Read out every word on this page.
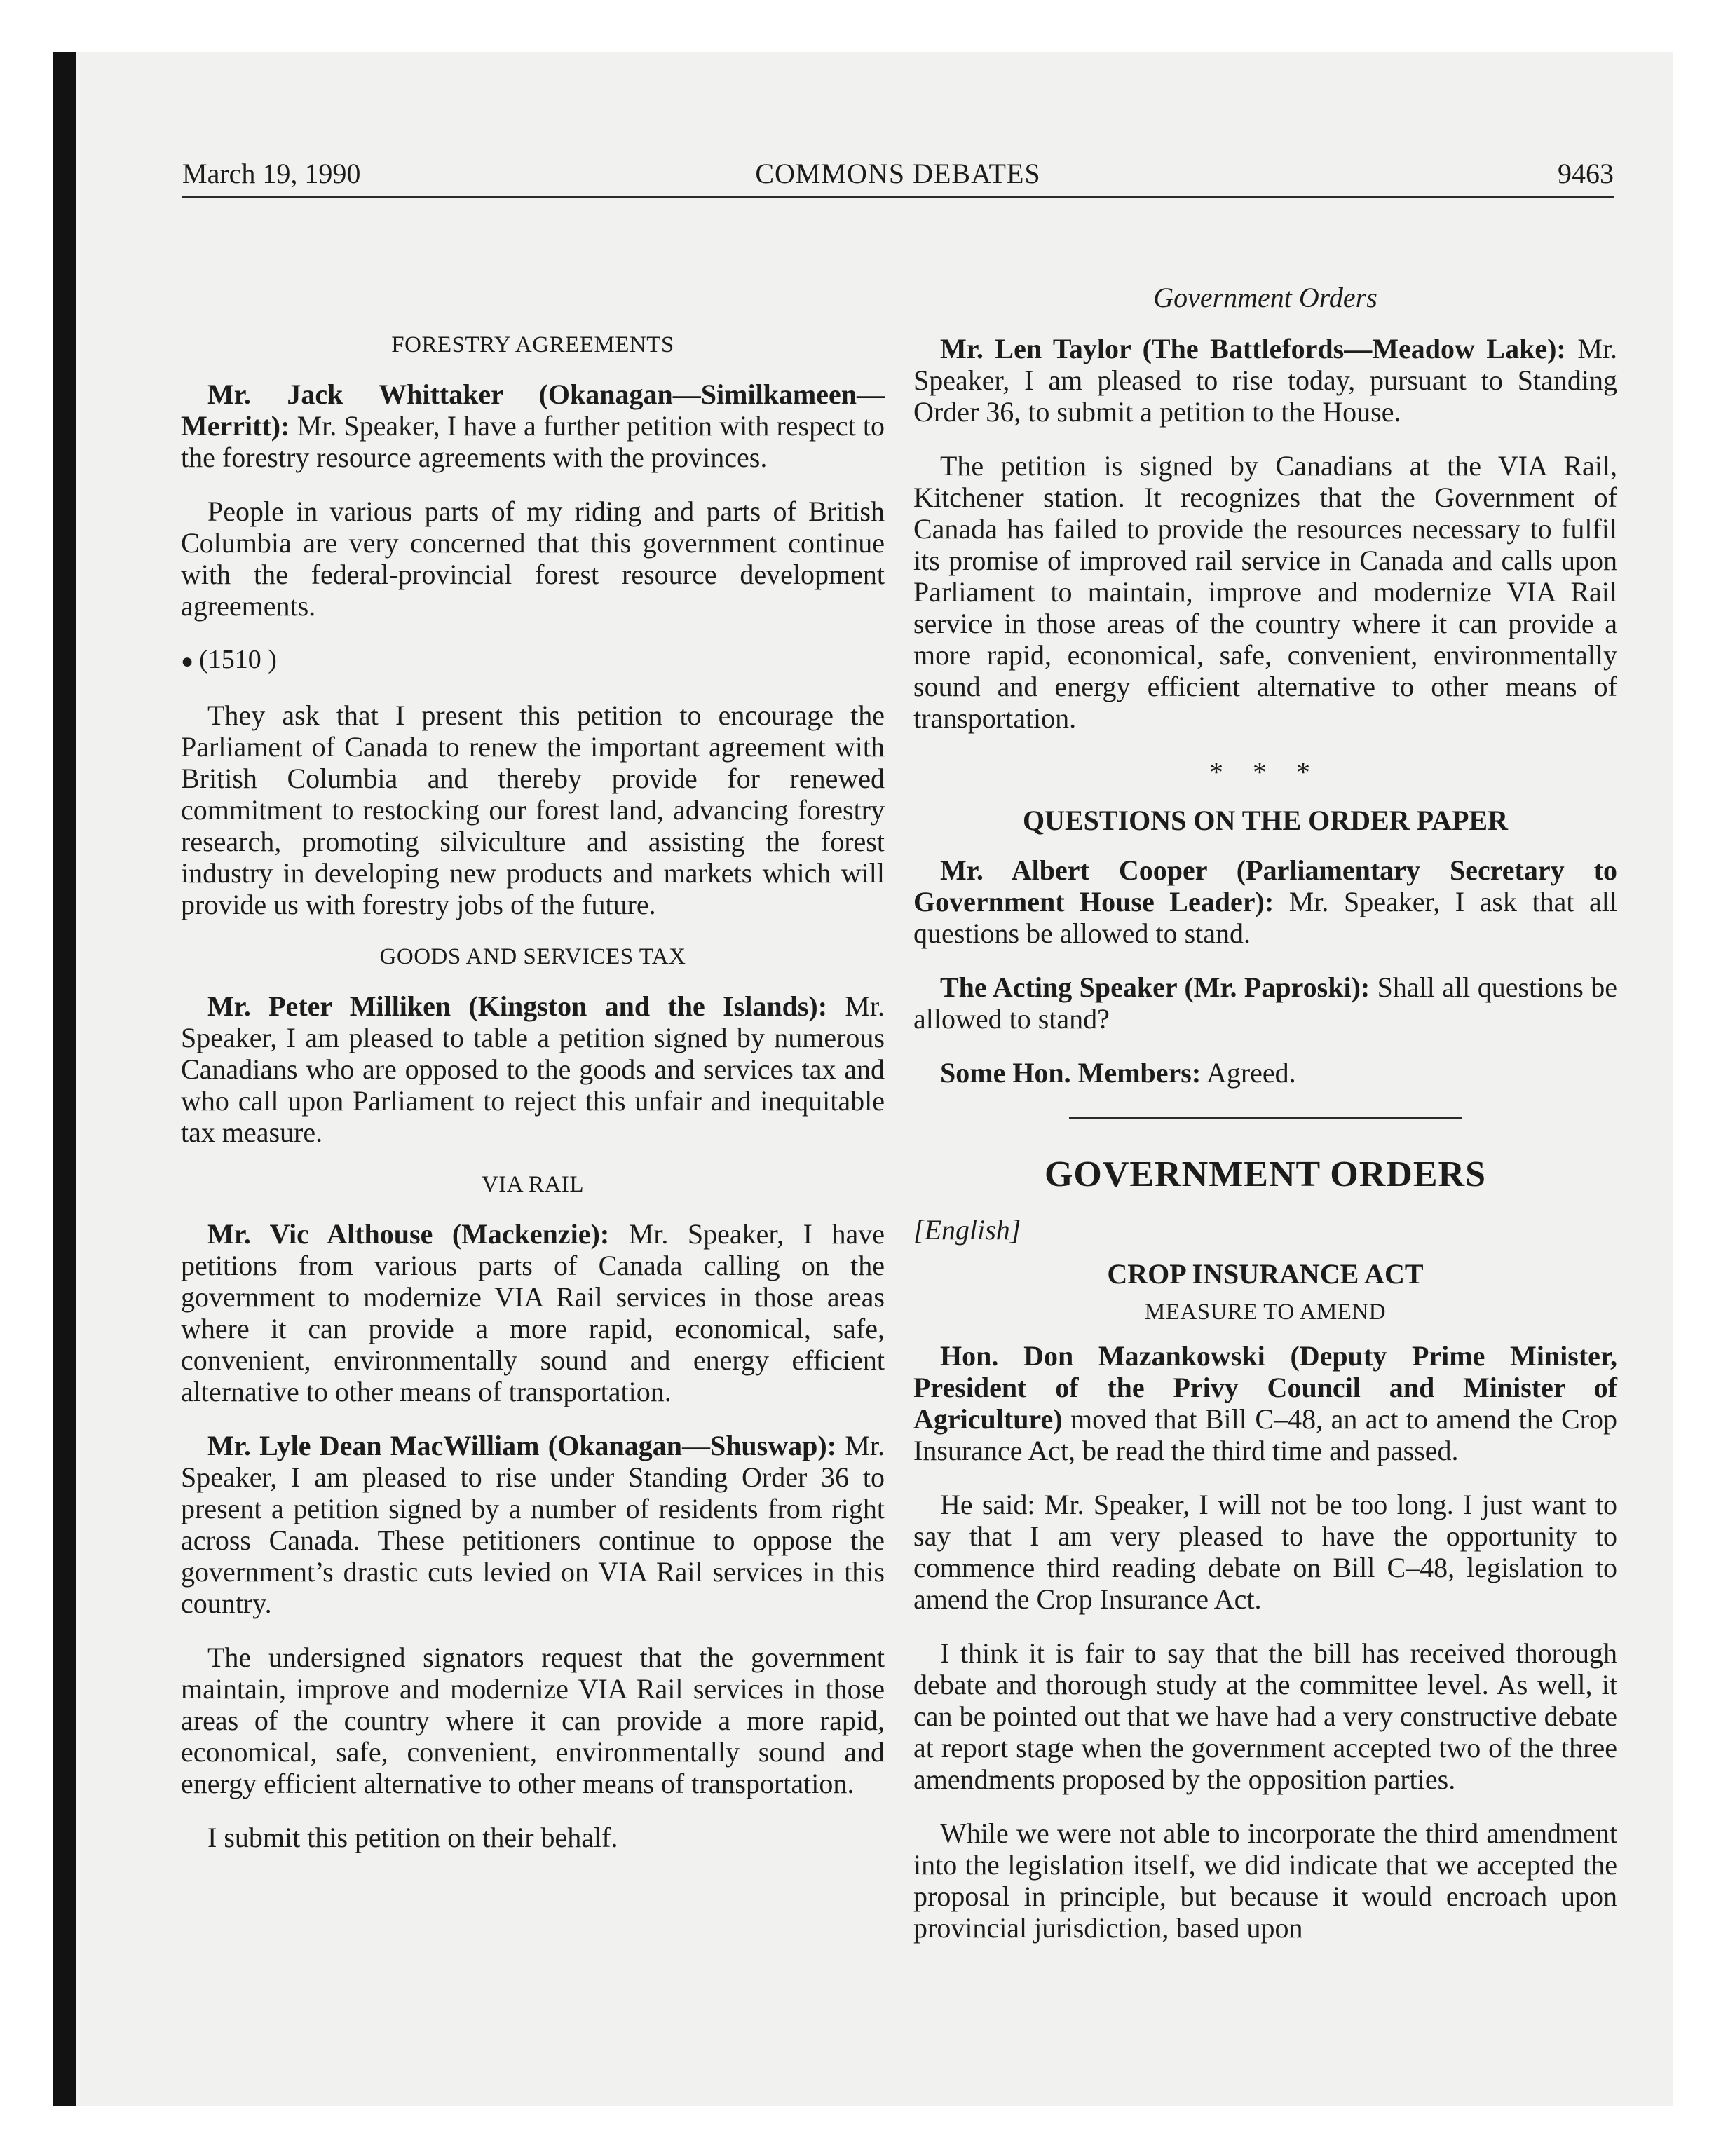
March 19, 1990	COMMONS DEBATES	9463
FORESTRY AGREEMENTS

Mr. Jack Whittaker (Okanagan—Similkameen—Merritt): Mr. Speaker, I have a further petition with respect to the forestry resource agreements with the provinces.

People in various parts of my riding and parts of British Columbia are very concerned that this government continue with the federal-provincial forest resource development agreements.

● (1510 )

They ask that I present this petition to encourage the Parliament of Canada to renew the important agreement with British Columbia and thereby provide for renewed commitment to restocking our forest land, advancing forestry research, promoting silviculture and assisting the forest industry in developing new products and markets which will provide us with forestry jobs of the future.

GOODS AND SERVICES TAX

Mr. Peter Milliken (Kingston and the Islands): Mr. Speaker, I am pleased to table a petition signed by numerous Canadians who are opposed to the goods and services tax and who call upon Parliament to reject this unfair and inequitable tax measure.

VIA RAIL

Mr. Vic Althouse (Mackenzie): Mr. Speaker, I have petitions from various parts of Canada calling on the government to modernize VIA Rail services in those areas where it can provide a more rapid, economical, safe, convenient, environmentally sound and energy efficient alternative to other means of transportation.

Mr. Lyle Dean MacWilliam (Okanagan—Shuswap): Mr. Speaker, I am pleased to rise under Standing Order 36 to present a petition signed by a number of residents from right across Canada. These petitioners continue to oppose the government’s drastic cuts levied on VIA Rail services in this country.

The undersigned signators request that the government maintain, improve and modernize VIA Rail services in those areas of the country where it can provide a more rapid, economical, safe, convenient, environmentally sound and energy efficient alternative to other means of transportation.

I submit this petition on their behalf.

Government Orders

Mr. Len Taylor (The Battlefords—Meadow Lake): Mr. Speaker, I am pleased to rise today, pursuant to Standing Order 36, to submit a petition to the House.

The petition is signed by Canadians at the VIA Rail, Kitchener station. It recognizes that the Government of Canada has failed to provide the resources necessary to fulfil its promise of improved rail service in Canada and calls upon Parliament to maintain, improve and modernize VIA Rail service in those areas of the country where it can provide a more rapid, economical, safe, convenient, environmentally sound and energy efficient alternative to other means of transportation.

* * *
QUESTIONS ON THE ORDER PAPER

Mr. Albert Cooper (Parliamentary Secretary to Government House Leader): Mr. Speaker, I ask that all questions be allowed to stand.

The Acting Speaker (Mr. Paproski): Shall all questions be allowed to stand?

Some Hon. Members: Agreed.

GOVERNMENT ORDERS
[English]
CROP INSURANCE ACT
MEASURE TO AMEND

Hon. Don Mazankowski (Deputy Prime Minister, President of the Privy Council and Minister of Agriculture) moved that Bill C–48, an act to amend the Crop Insurance Act, be read the third time and passed.

He said: Mr. Speaker, I will not be too long. I just want to say that I am very pleased to have the opportunity to commence third reading debate on Bill C–48, legislation to amend the Crop Insurance Act.

I think it is fair to say that the bill has received thorough debate and thorough study at the committee level. As well, it can be pointed out that we have had a very constructive debate at report stage when the government accepted two of the three amendments proposed by the opposition parties.

While we were not able to incorporate the third amendment into the legislation itself, we did indicate that we accepted the proposal in principle, but because it would encroach upon provincial jurisdiction, based upon
